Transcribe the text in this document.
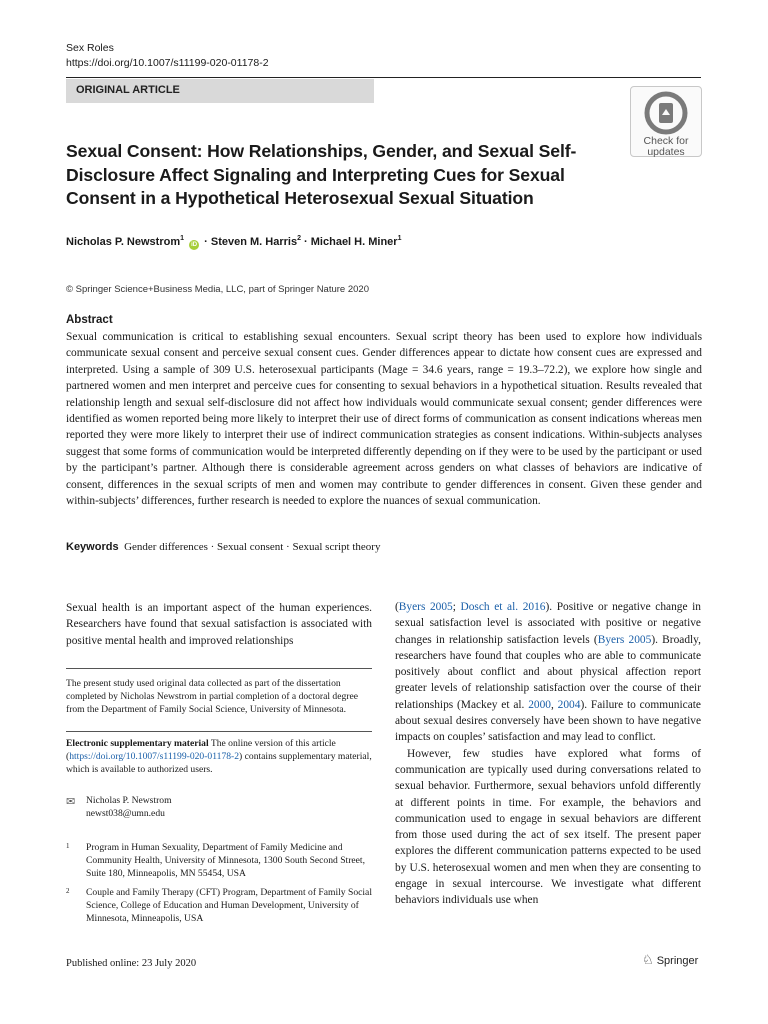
Sex Roles
https://doi.org/10.1007/s11199-020-01178-2
ORIGINAL ARTICLE
Check for
updates
Sexual Consent: How Relationships, Gender, and Sexual Self-Disclosure Affect Signaling and Interpreting Cues for Sexual Consent in a Hypothetical Heterosexual Sexual Situation
Nicholas P. Newstrom$^1$ iD · Steven M. Harris$^2$ · Michael H. Miner$^1$
© Springer Science+Business Media, LLC, part of Springer Nature 2020
Abstract
Sexual communication is critical to establishing sexual encounters. Sexual script theory has been used to explore how individuals communicate sexual consent and perceive sexual consent cues. Gender differences appear to dictate how consent cues are expressed and interpreted. Using a sample of 309 U.S. heterosexual participants (Mage = 34.6 years, range = 19.3–72.2), we explore how single and partnered women and men interpret and perceive cues for consenting to sexual behaviors in a hypothetical situation. Results revealed that relationship length and sexual self-disclosure did not affect how individuals would communicate sexual consent; gender differences were identified as women reported being more likely to interpret their use of direct forms of communication as consent indications whereas men reported they were more likely to interpret their use of indirect communication strategies as consent indications. Within-subjects analyses suggest that some forms of communication would be interpreted differently depending on if they were to be used by the participant or used by the participant’s partner. Although there is considerable agreement across genders on what classes of behaviors are indicative of consent, differences in the sexual scripts of men and women may contribute to gender differences in consent. Given these gender and within-subjects’ differences, further research is needed to explore the nuances of sexual communication.
Keywords Gender differences · Sexual consent · Sexual script theory
Sexual health is an important aspect of the human experiences. Researchers have found that sexual satisfaction is associated with positive mental health and improved relationships
The present study used original data collected as part of the dissertation completed by Nicholas Newstrom in partial completion of a doctoral degree from the Department of Family Social Science, University of Minnesota.
Electronic supplementary material The online version of this article (https://doi.org/10.1007/s11199-020-01178-2) contains supplementary material, which is available to authorized users.
✉ Nicholas P. Newstrom
newst038@umn.edu
1 Program in Human Sexuality, Department of Family Medicine and Community Health, University of Minnesota, 1300 South Second Street, Suite 180, Minneapolis, MN 55454, USA
2 Couple and Family Therapy (CFT) Program, Department of Family Social Science, College of Education and Human Development, University of Minnesota, Minneapolis, USA

(Byers 2005; Dosch et al. 2016). Positive or negative change in sexual satisfaction level is associated with positive or negative changes in relationship satisfaction levels (Byers 2005). Broadly, researchers have found that couples who are able to communicate positively about conflict and about physical affection report greater levels of relationship satisfaction over the course of their relationships (Mackey et al. 2000, 2004). Failure to communicate about sexual desires conversely have been shown to have negative impacts on couples’ satisfaction and may lead to conflict.

However, few studies have explored what forms of communication are typically used during conversations related to sexual behavior. Furthermore, sexual behaviors unfold differently at different points in time. For example, the behaviors and communication used to engage in sexual behaviors are different from those used during the act of sex itself. The present paper explores the different communication patterns expected to be used by U.S. heterosexual women and men when they are consenting to engage in sexual intercourse. We investigate what different behaviors individuals use when

Published online: 23 July 2020	♘ Springer
